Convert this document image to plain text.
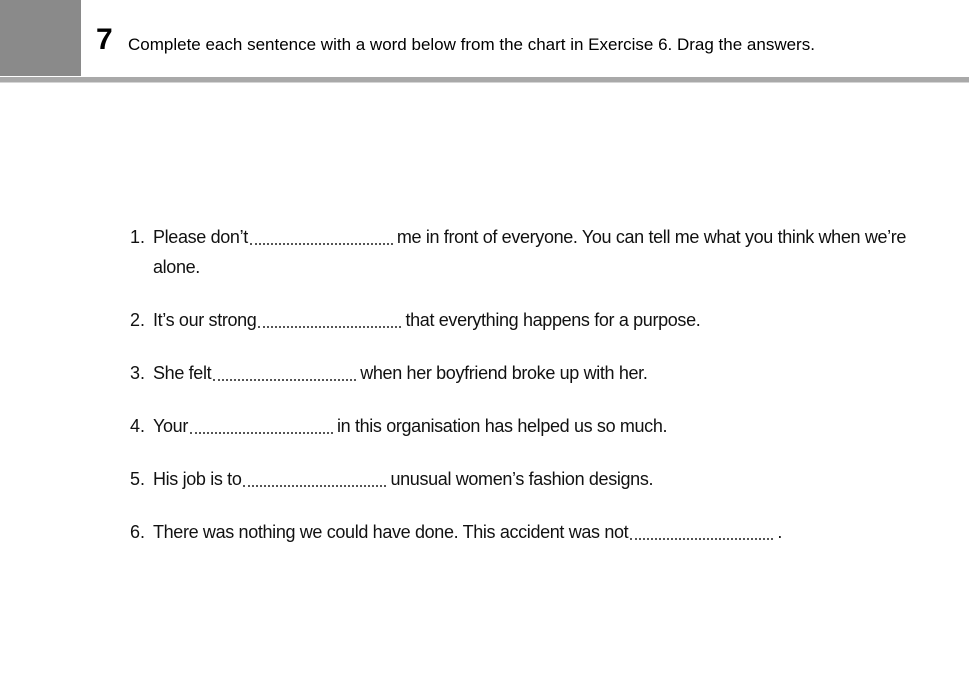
7 Complete each sentence with a word below from the chart in Exercise 6. Drag the answers.
1. Please don’t	me in front of everyone. You can tell me what you think when we’re alone.
2. It’s our strong	that everything happens for a purpose.
3. She felt	when her boyfriend broke up with her.
4. Your	in this organisation has helped us so much.
5. His job is to	unusual women’s fashion designs.
6. There was nothing we could have done. This accident was not	.
